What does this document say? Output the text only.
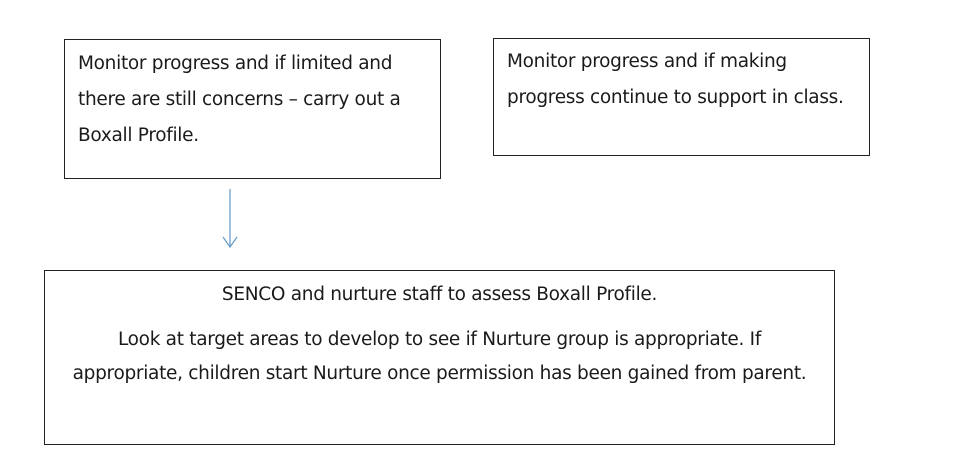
Monitor progress and if limited and there are still concerns – carry out a Boxall Profile.
Monitor progress and if making progress continue to support in class.

SENCO and nurture staff to assess Boxall Profile.

Look at target areas to develop to see if Nurture group is appropriate. If appropriate, children start Nurture once permission has been gained from parent.
